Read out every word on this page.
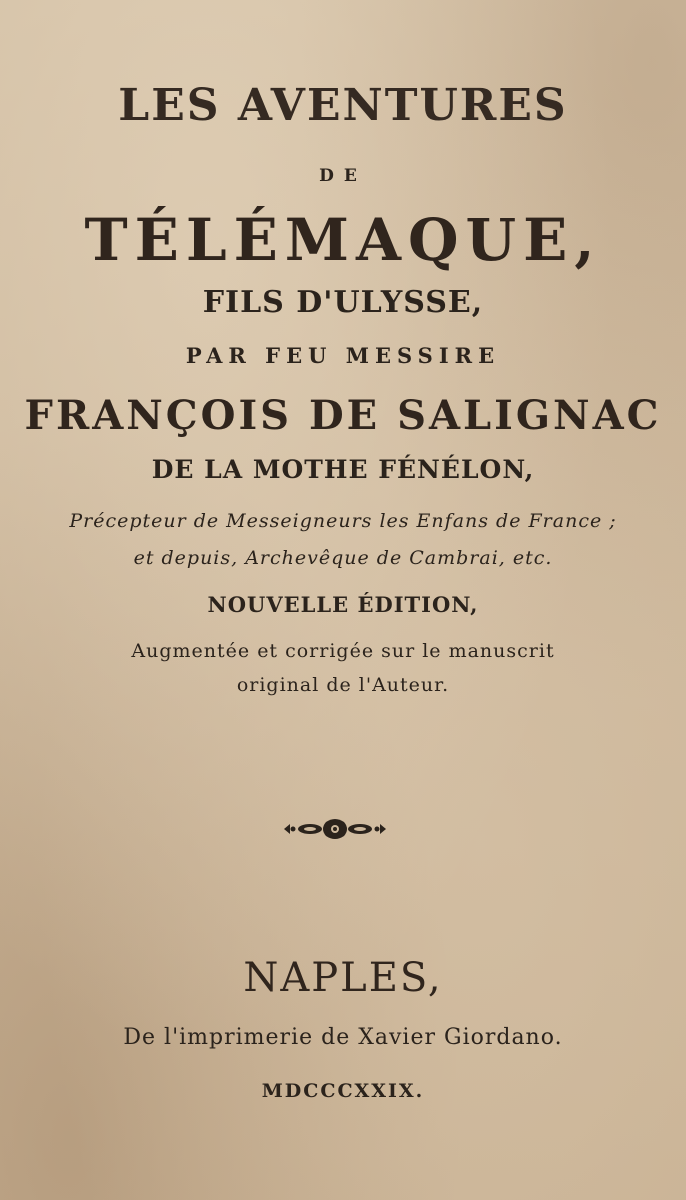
LES AVENTURES
DE
TÉLÉMAQUE,
FILS D'ULYSSE,
PAR FEU MESSIRE
FRANÇOIS DE SALIGNAC
DE LA MOTHE FÉNÉLON,
Précepteur de Messeigneurs les Enfans de France ;
et depuis, Archevêque de Cambrai, etc.
NOUVELLE ÉDITION,
Augmentée et corrigée sur le manuscrit
original de l'Auteur.
NAPLES,
De l'imprimerie de Xavier Giordano.
MDCCCXXIX.
